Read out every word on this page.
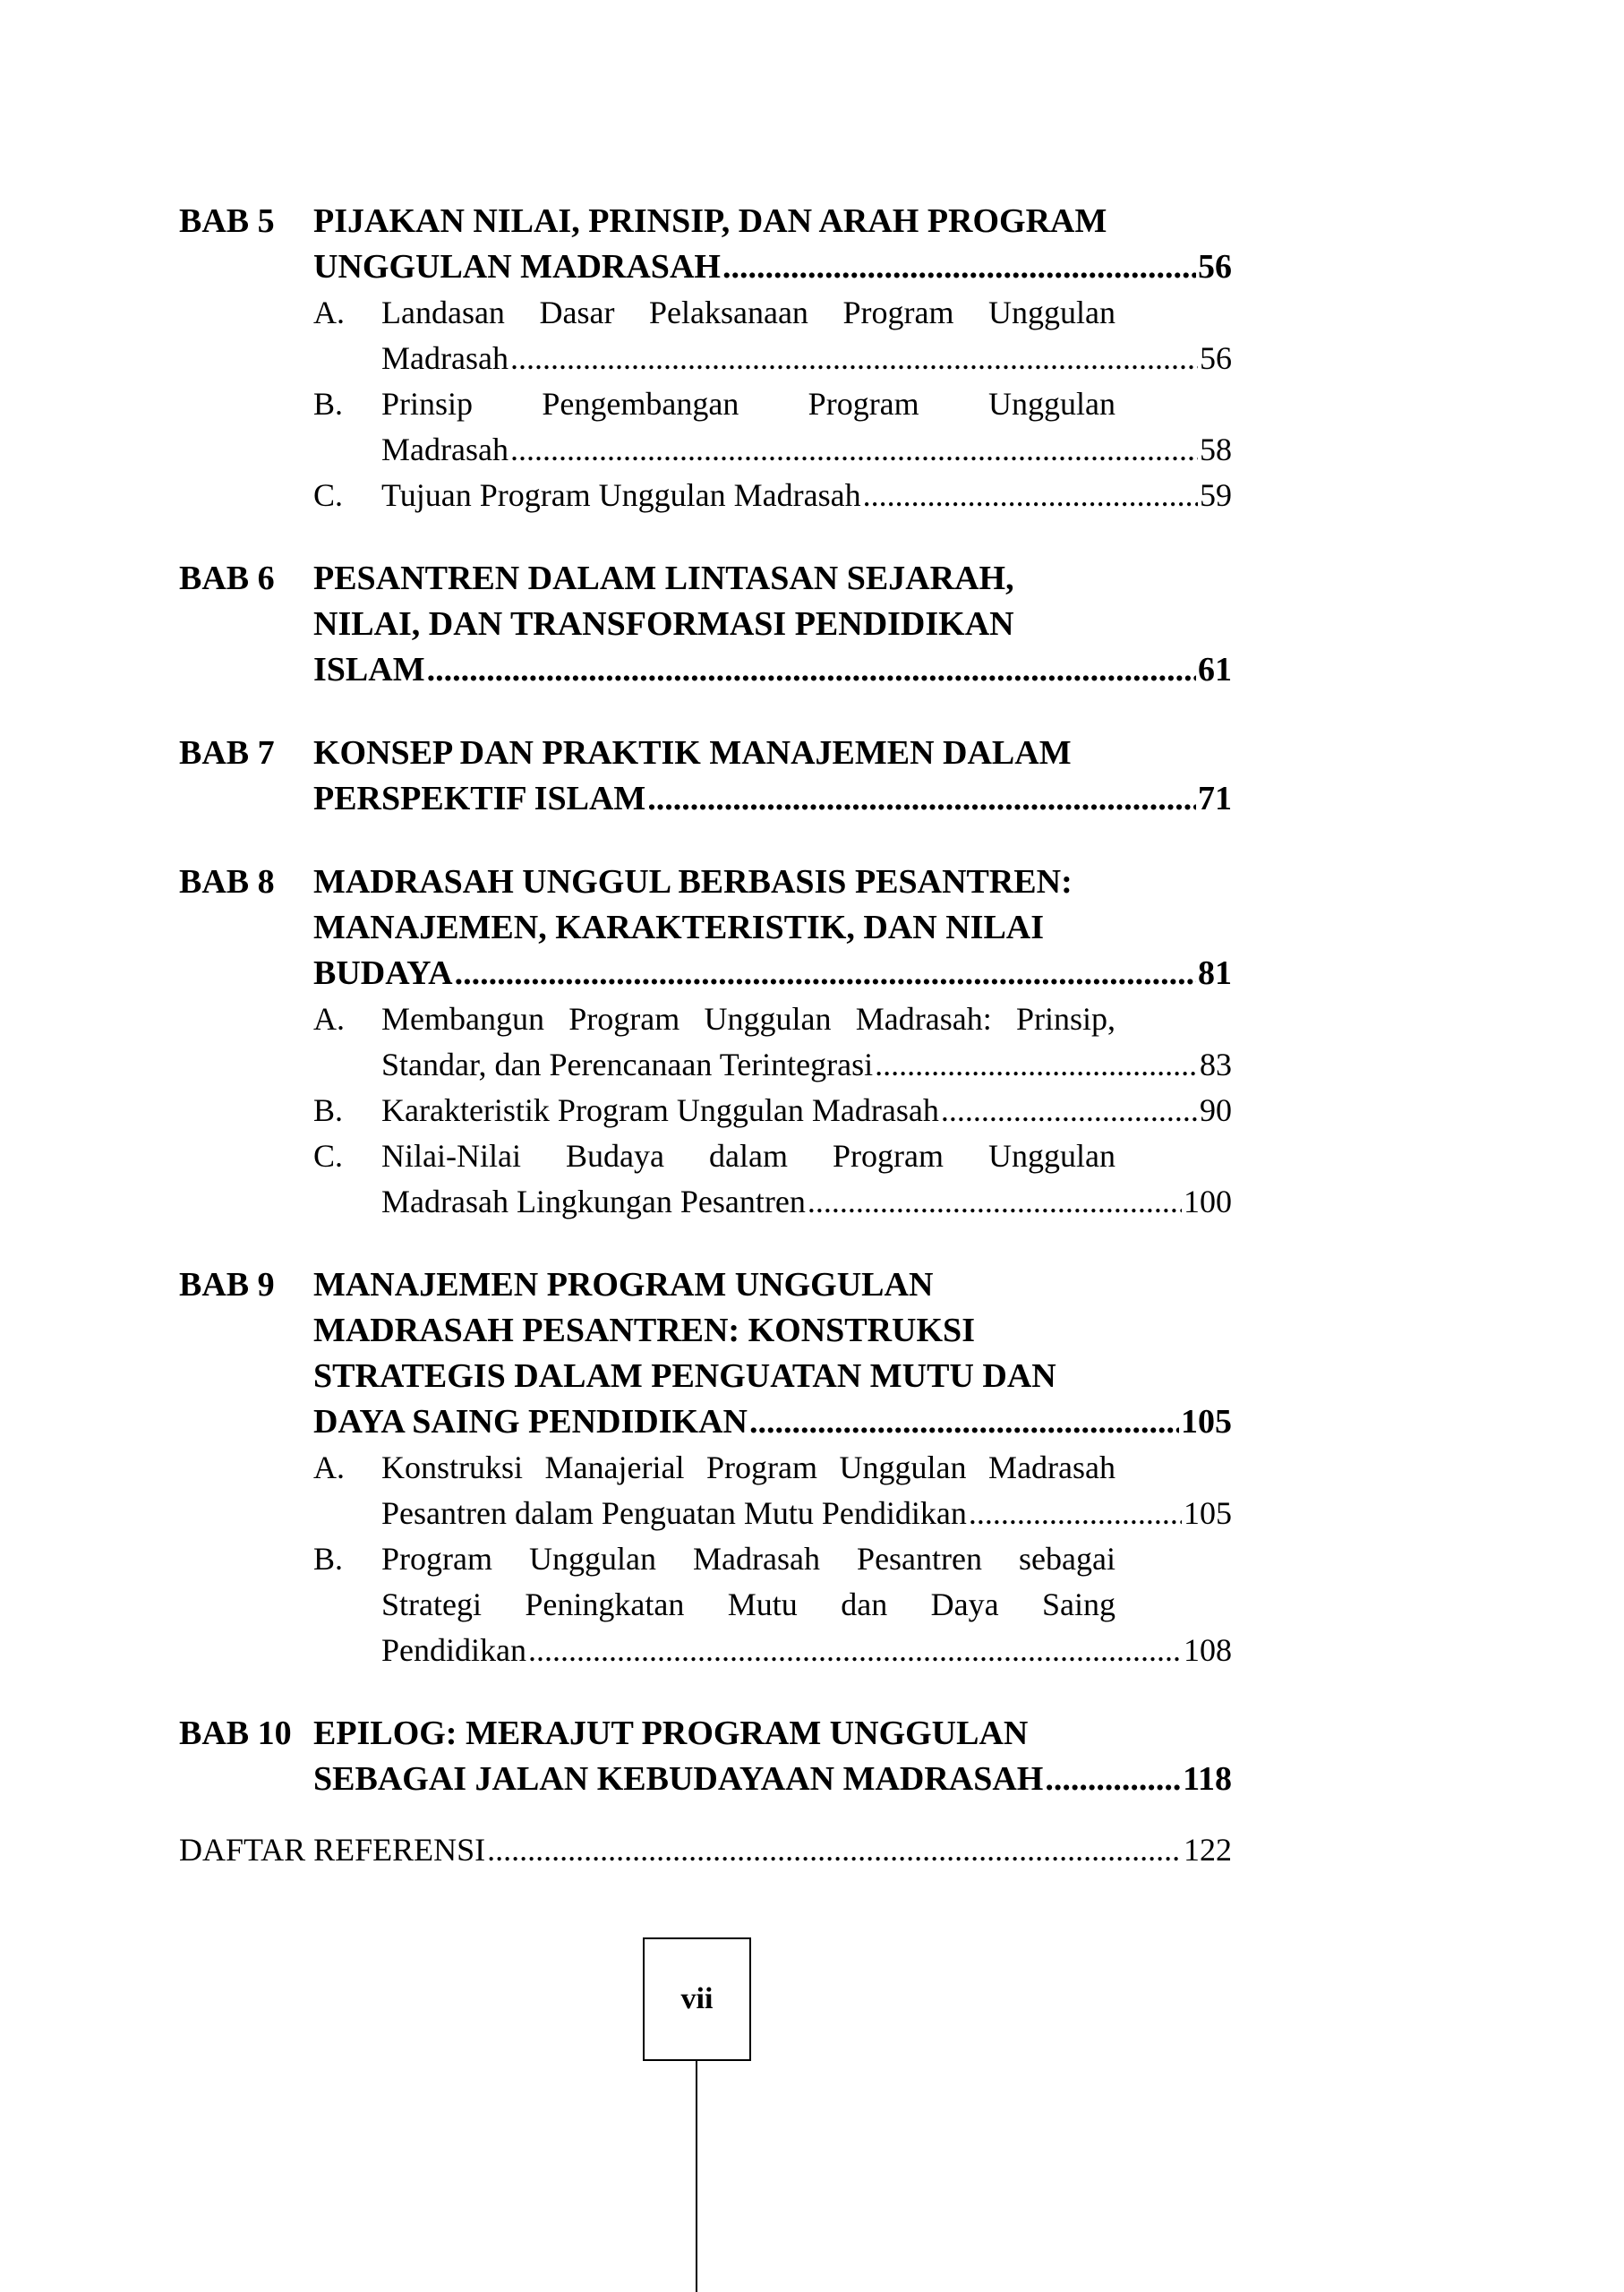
BAB 5	PIJAKAN NILAI, PRINSIP, DAN ARAH PROGRAM
UNGGULAN MADRASAH .....	56
A.	Landasan Dasar Pelaksanaan Program Unggulan
Madrasah .....	56
B.	Prinsip Pengembangan Program Unggulan
Madrasah .....	58
C.	Tujuan Program Unggulan Madrasah .....	59
BAB 6	PESANTREN DALAM LINTASAN SEJARAH,
NILAI, DAN TRANSFORMASI PENDIDIKAN
ISLAM .....	61
BAB 7	KONSEP DAN PRAKTIK MANAJEMEN DALAM
PERSPEKTIF ISLAM .....	71
BAB 8	MADRASAH UNGGUL BERBASIS PESANTREN:
MANAJEMEN, KARAKTERISTIK, DAN NILAI
BUDAYA .....	81
A.	Membangun Program Unggulan Madrasah: Prinsip,
Standar, dan Perencanaan Terintegrasi .....	83
B.	Karakteristik Program Unggulan Madrasah .....	90
C.	Nilai-Nilai Budaya dalam Program Unggulan
Madrasah Lingkungan Pesantren .....	100
BAB 9	MANAJEMEN PROGRAM UNGGULAN
MADRASAH PESANTREN: KONSTRUKSI
STRATEGIS DALAM PENGUATAN MUTU DAN
DAYA SAING PENDIDIKAN .....	105
A.	Konstruksi Manajerial Program Unggulan Madrasah
Pesantren dalam Penguatan Mutu Pendidikan .....	105
B.	Program Unggulan Madrasah Pesantren sebagai
Strategi Peningkatan Mutu dan Daya Saing
Pendidikan .....	108
BAB 10 EPILOG: MERAJUT PROGRAM UNGGULAN
SEBAGAI JALAN KEBUDAYAAN MADRASAH .....	118
DAFTAR REFERENSI .....	122
vii
